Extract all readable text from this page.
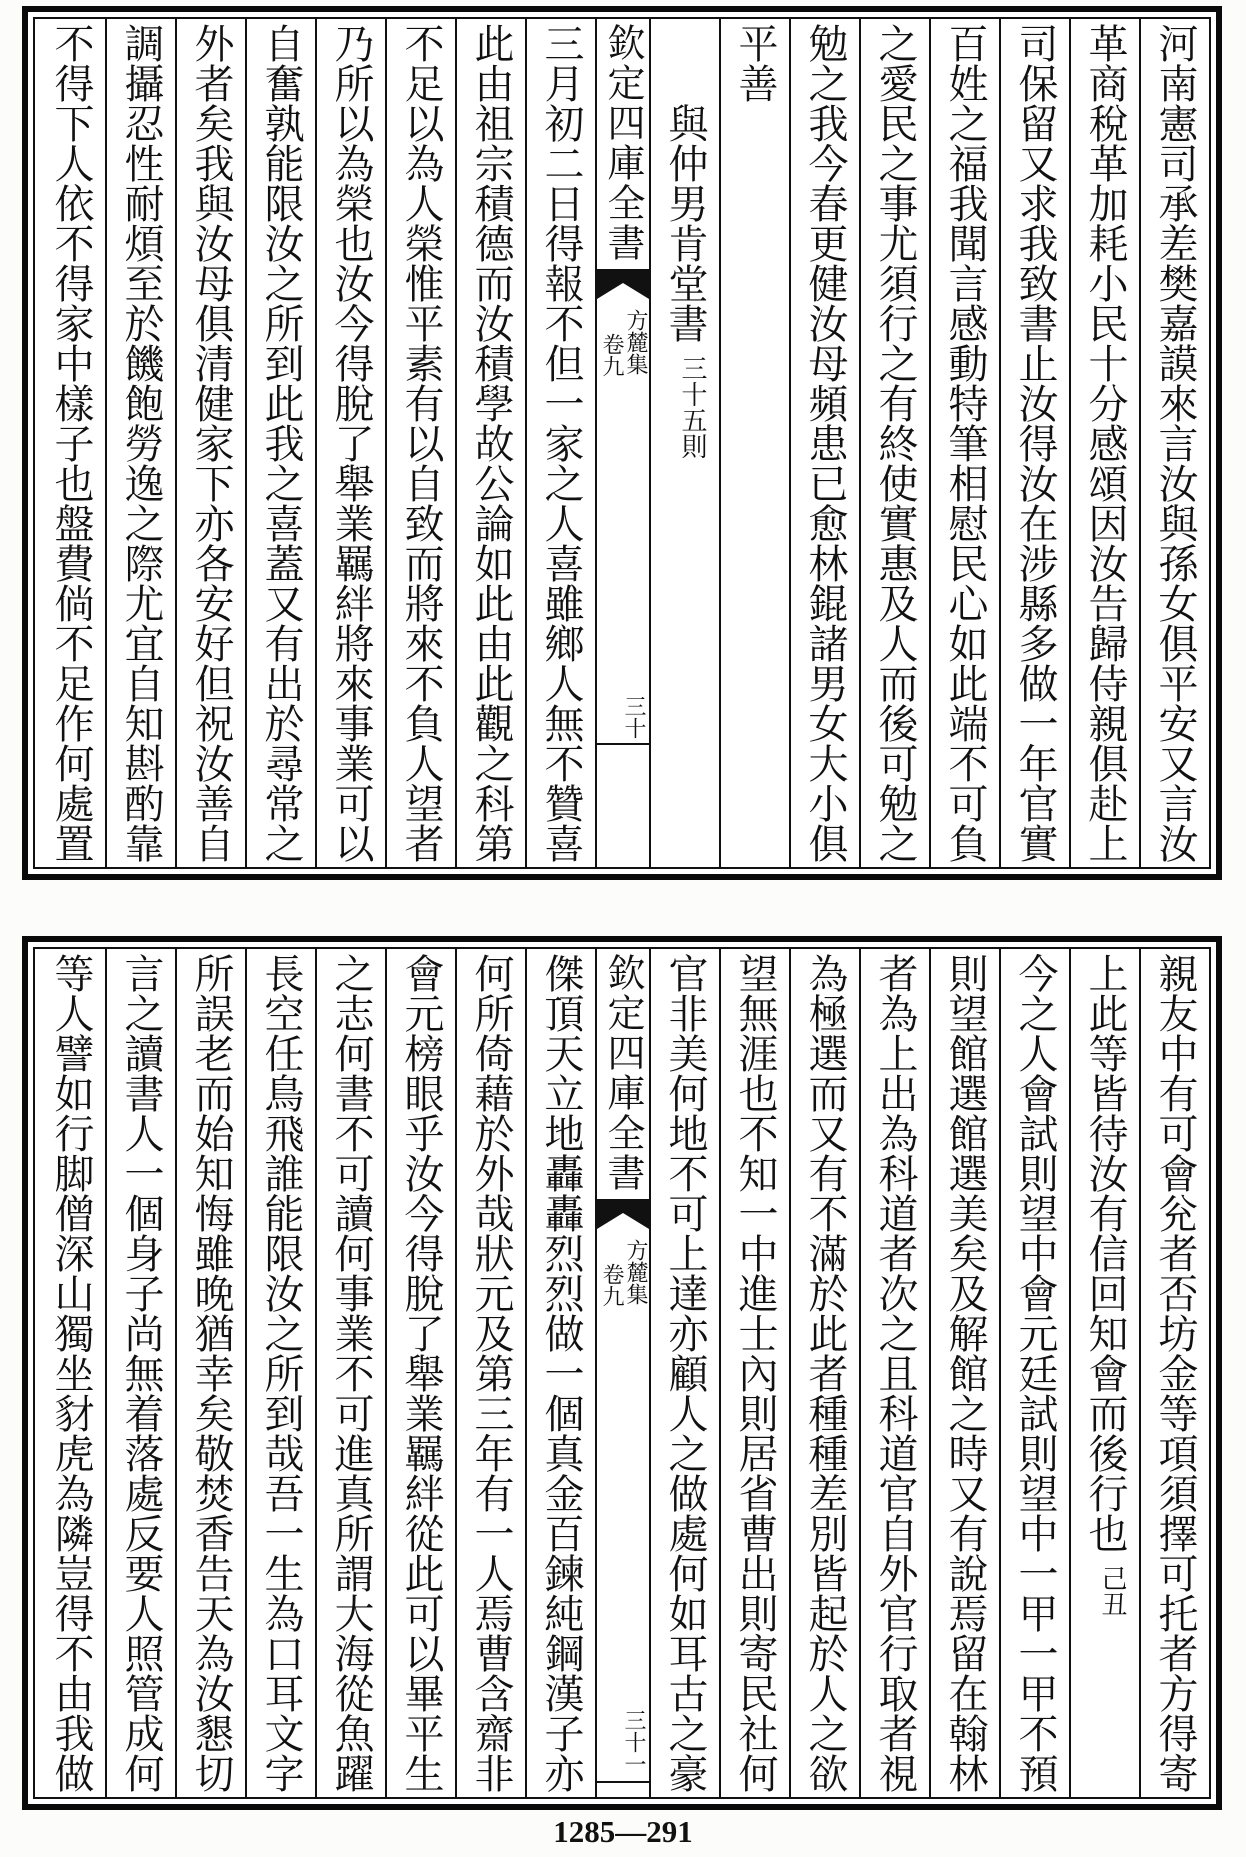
河南憲司承差樊嘉謨來言汝與孫女俱平安又言汝
革商稅革加耗小民十分感頌因汝告歸侍親俱赴上
司保留又求我致書止汝得汝在涉縣多做一年官實
百姓之福我聞言感動特筆相慰民心如此端不可負
之愛民之事尤須行之有終使實惠及人而後可勉之
勉之我今春更健汝母頻患已愈林錕諸男女大小俱
平善
與仲男肯堂書三十五則
欽定四庫全書
方麓集
卷九
三十
三月初二日得報不但一家之人喜雖鄉人無不贊喜
此由祖宗積德而汝積學故公論如此由此觀之科第
不足以為人榮惟平素有以自致而將來不負人望者
乃所以為榮也汝今得脫了舉業羈絆將來事業可以
自奮孰能限汝之所到此我之喜蓋又有出於尋常之
外者矣我與汝母俱清健家下亦各安好但祝汝善自
調攝忍性耐煩至於饑飽勞逸之際尤宜自知斟酌靠
不得下人依不得家中樣子也盤費倘不足作何處置
親友中有可會兊者否坊金等項須擇可托者方得寄
上此等皆待汝有信回知會而後行也己丑
今之人會試則望中會元廷試則望中一甲一甲不預
則望館選館選美矣及解館之時又有說焉留在翰林
者為上出為科道者次之且科道官自外官行取者視
為極選而又有不滿於此者種種差別皆起於人之欲
望無涯也不知一中進士內則居省曹出則寄民社何
官非美何地不可上達亦顧人之做處何如耳古之豪
欽定四庫全書
方麓集
卷九
三十一
傑頂天立地轟轟烈烈做一個真金百鍊純鋼漢子亦
何所倚藉於外哉狀元及第三年有一人焉曹含齋非
會元榜眼乎汝今得脫了舉業羈絆從此可以畢平生
之志何書不可讀何事業不可進真所謂大海從魚躍
長空任鳥飛誰能限汝之所到哉吾一生為口耳文字
所誤老而始知悔雖晚猶幸矣敬焚香告天為汝懇切
言之讀書人一個身子尚無着落處反要人照管成何
等人譬如行脚僧深山獨坐豺虎為隣豈得不由我做
1285—291
